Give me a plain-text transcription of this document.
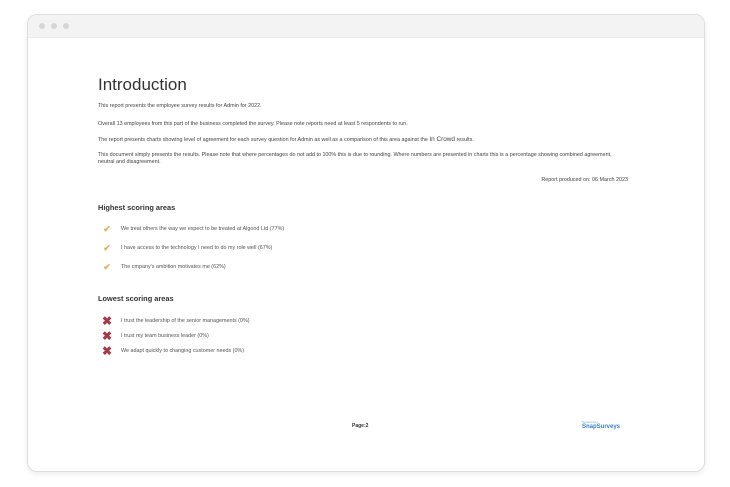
Introduction

This report presents the employee survey results for Admin for 2022.

Overall 13 employees from this part of the business completed the survey. Please note reports need at least 5 respondents to run.

The report presents charts showing level of agreement for each survey question for Admin as well as a comparison of this area against the In Crowd results.

This document simply presents the results. Please note that where percentages do not add to 100% this is due to rounding. Where numbers are presented in charts this is a percentage showing combined agreement, neutral and disagreement.

Report produced on: 06 March 2023
Highest scoring areas
✔ We treat others the way we expect to be treated at Algood Ltd (77%)
✔ I have access to the technology I need to do my role well (67%)
✔ The cmpany's ambition motivates me (62%)
Lowest scoring areas
✖ I trust the leadership of the senior managements (0%)
✖ I trust my team business leader (0%)
✖ We adapt quickly to changing customer needs (0%)
Page:2
Powered by
SnapSurveys
